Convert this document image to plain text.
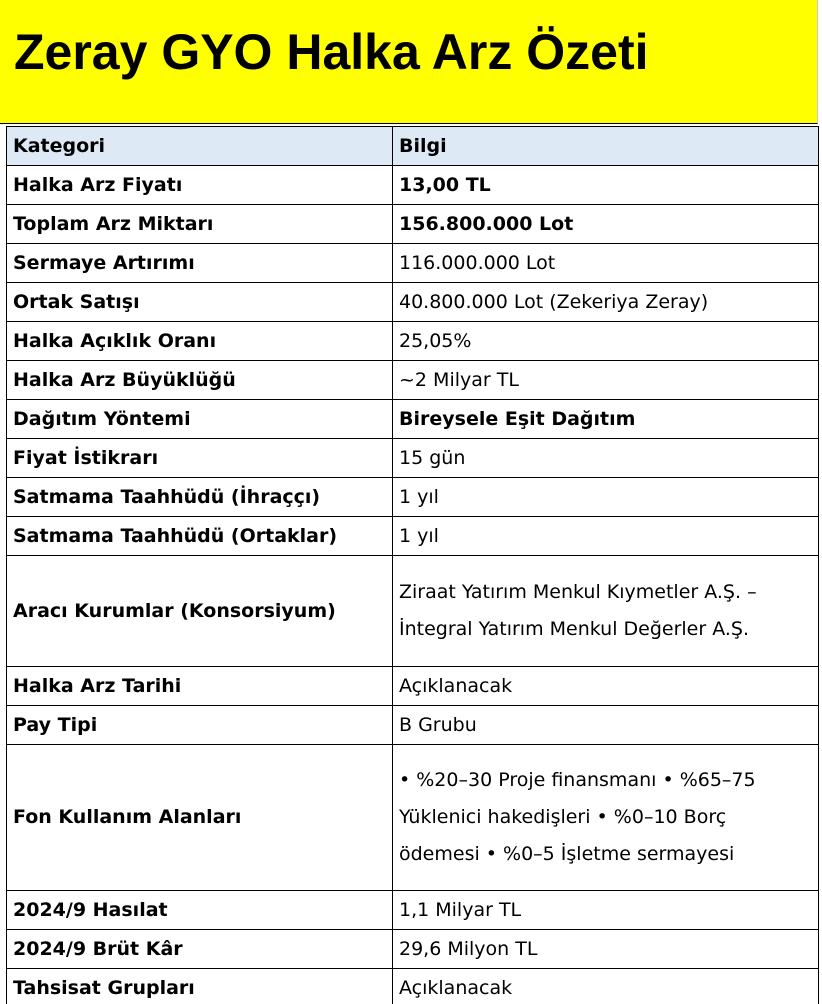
Zeray GYO Halka Arz Özeti
Kategori	Bilgi
Halka Arz Fiyatı	13,00 TL
Toplam Arz Miktarı	156.800.000 Lot
Sermaye Artırımı	116.000.000 Lot
Ortak Satışı	40.800.000 Lot (Zekeriya Zeray)
Halka Açıklık Oranı	25,05%
Halka Arz Büyüklüğü	~2 Milyar TL
Dağıtım Yöntemi	Bireysele Eşit Dağıtım
Fiyat İstikrarı	15 gün
Satmama Taahhüdü (İhraççı)	1 yıl
Satmama Taahhüdü (Ortaklar)	1 yıl
Aracı Kurumlar (Konsorsiyum)	Ziraat Yatırım Menkul Kıymetler A.Ş. – İntegral Yatırım Menkul Değerler A.Ş.
Halka Arz Tarihi	Açıklanacak
Pay Tipi	B Grubu
Fon Kullanım Alanları	• %20–30 Proje finansmanı • %65–75 Yüklenici hakedişleri • %0–10 Borç ödemesi • %0–5 İşletme sermayesi
2024/9 Hasılat	1,1 Milyar TL
2024/9 Brüt Kâr	29,6 Milyon TL
Tahsisat Grupları	Açıklanacak
